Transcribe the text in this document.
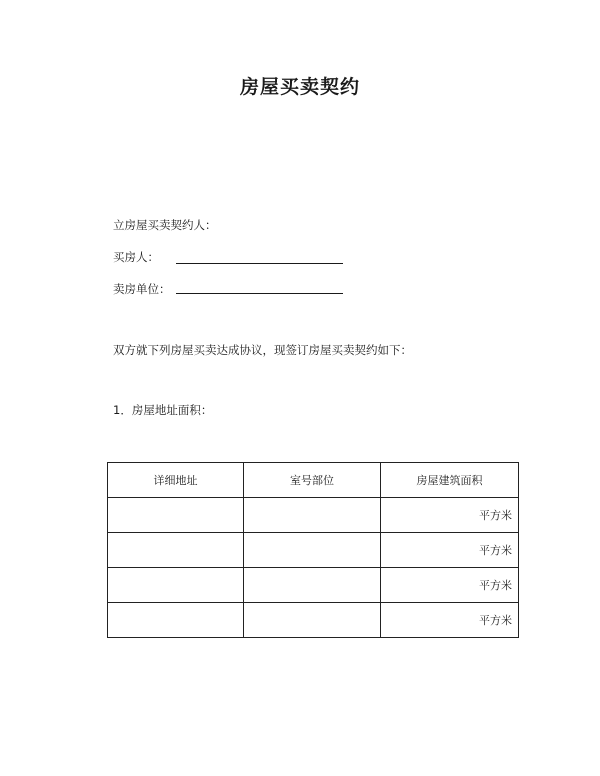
房屋买卖契约
立房屋买卖契约人：
买房人：
卖房单位：
双方就下列房屋买卖达成协议，现签订房屋买卖契约如下：
1．房屋地址面积：
详细地址	室号部位	房屋建筑面积
		平方米
		平方米
		平方米
		平方米
